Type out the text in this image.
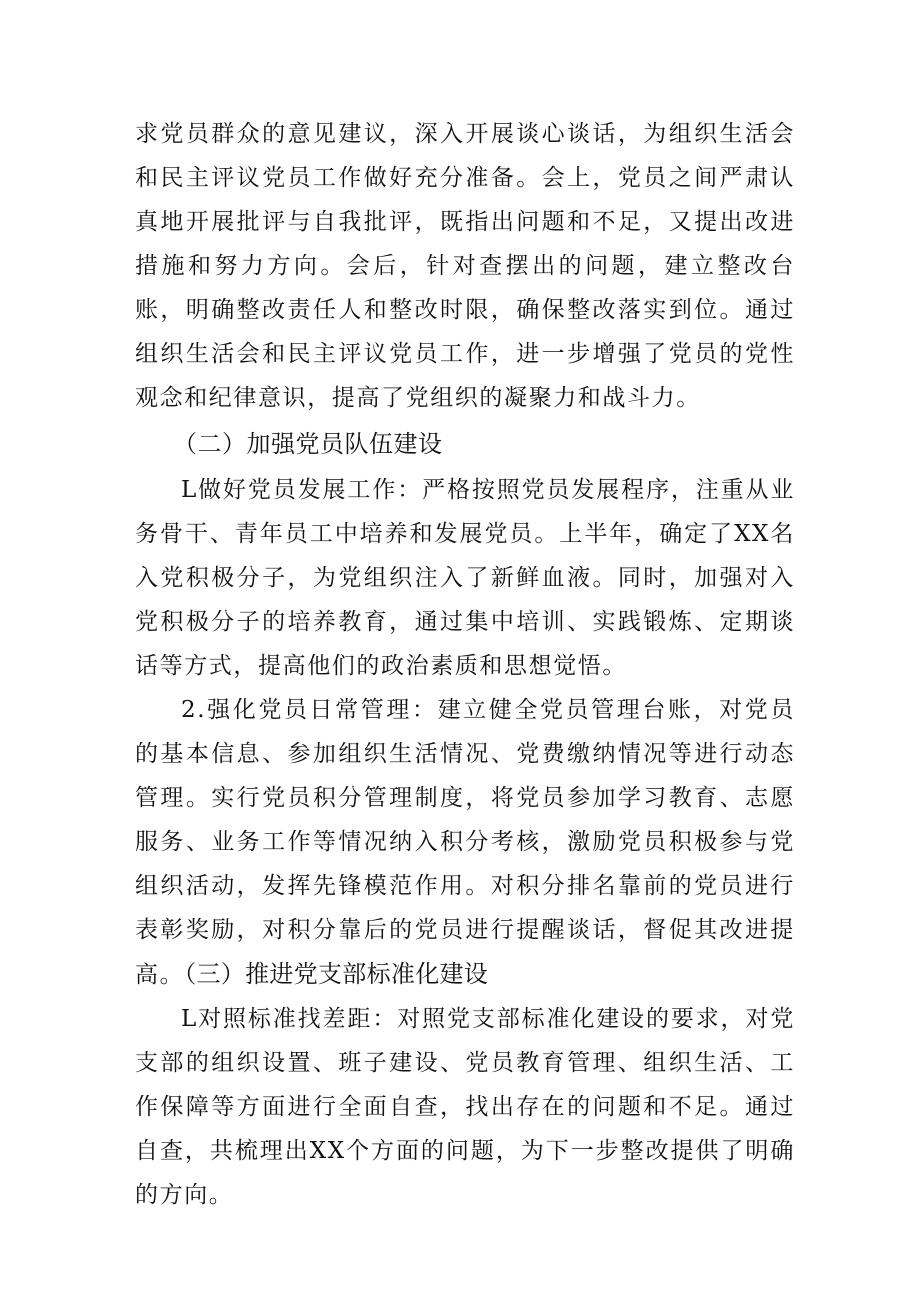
求党员群众的意见建议，深入开展谈心谈话，为组织生活会和民主评议党员工作做好充分准备。会上，党员之间严肃认真地开展批评与自我批评，既指出问题和不足，又提出改进措施和努力方向。会后，针对查摆出的问题，建立整改台账，明确整改责任人和整改时限，确保整改落实到位。通过组织生活会和民主评议党员工作，进一步增强了党员的党性观念和纪律意识，提高了党组织的凝聚力和战斗力。

（二）加强党员队伍建设

L做好党员发展工作：严格按照党员发展程序，注重从业务骨干、青年员工中培养和发展党员。上半年，确定了XX名入党积极分子，为党组织注入了新鲜血液。同时，加强对入党积极分子的培养教育，通过集中培训、实践锻炼、定期谈话等方式，提高他们的政治素质和思想觉悟。

2.强化党员日常管理：建立健全党员管理台账，对党员的基本信息、参加组织生活情况、党费缴纳情况等进行动态管理。实行党员积分管理制度，将党员参加学习教育、志愿服务、业务工作等情况纳入积分考核，激励党员积极参与党组织活动，发挥先锋模范作用。对积分排名靠前的党员进行表彰奖励，对积分靠后的党员进行提醒谈话，督促其改进提高。（三）推进党支部标准化建设

L对照标准找差距：对照党支部标准化建设的要求，对党支部的组织设置、班子建设、党员教育管理、组织生活、工作保障等方面进行全面自查，找出存在的问题和不足。通过自查，共梳理出XX个方面的问题，为下一步整改提供了明确的方向。
